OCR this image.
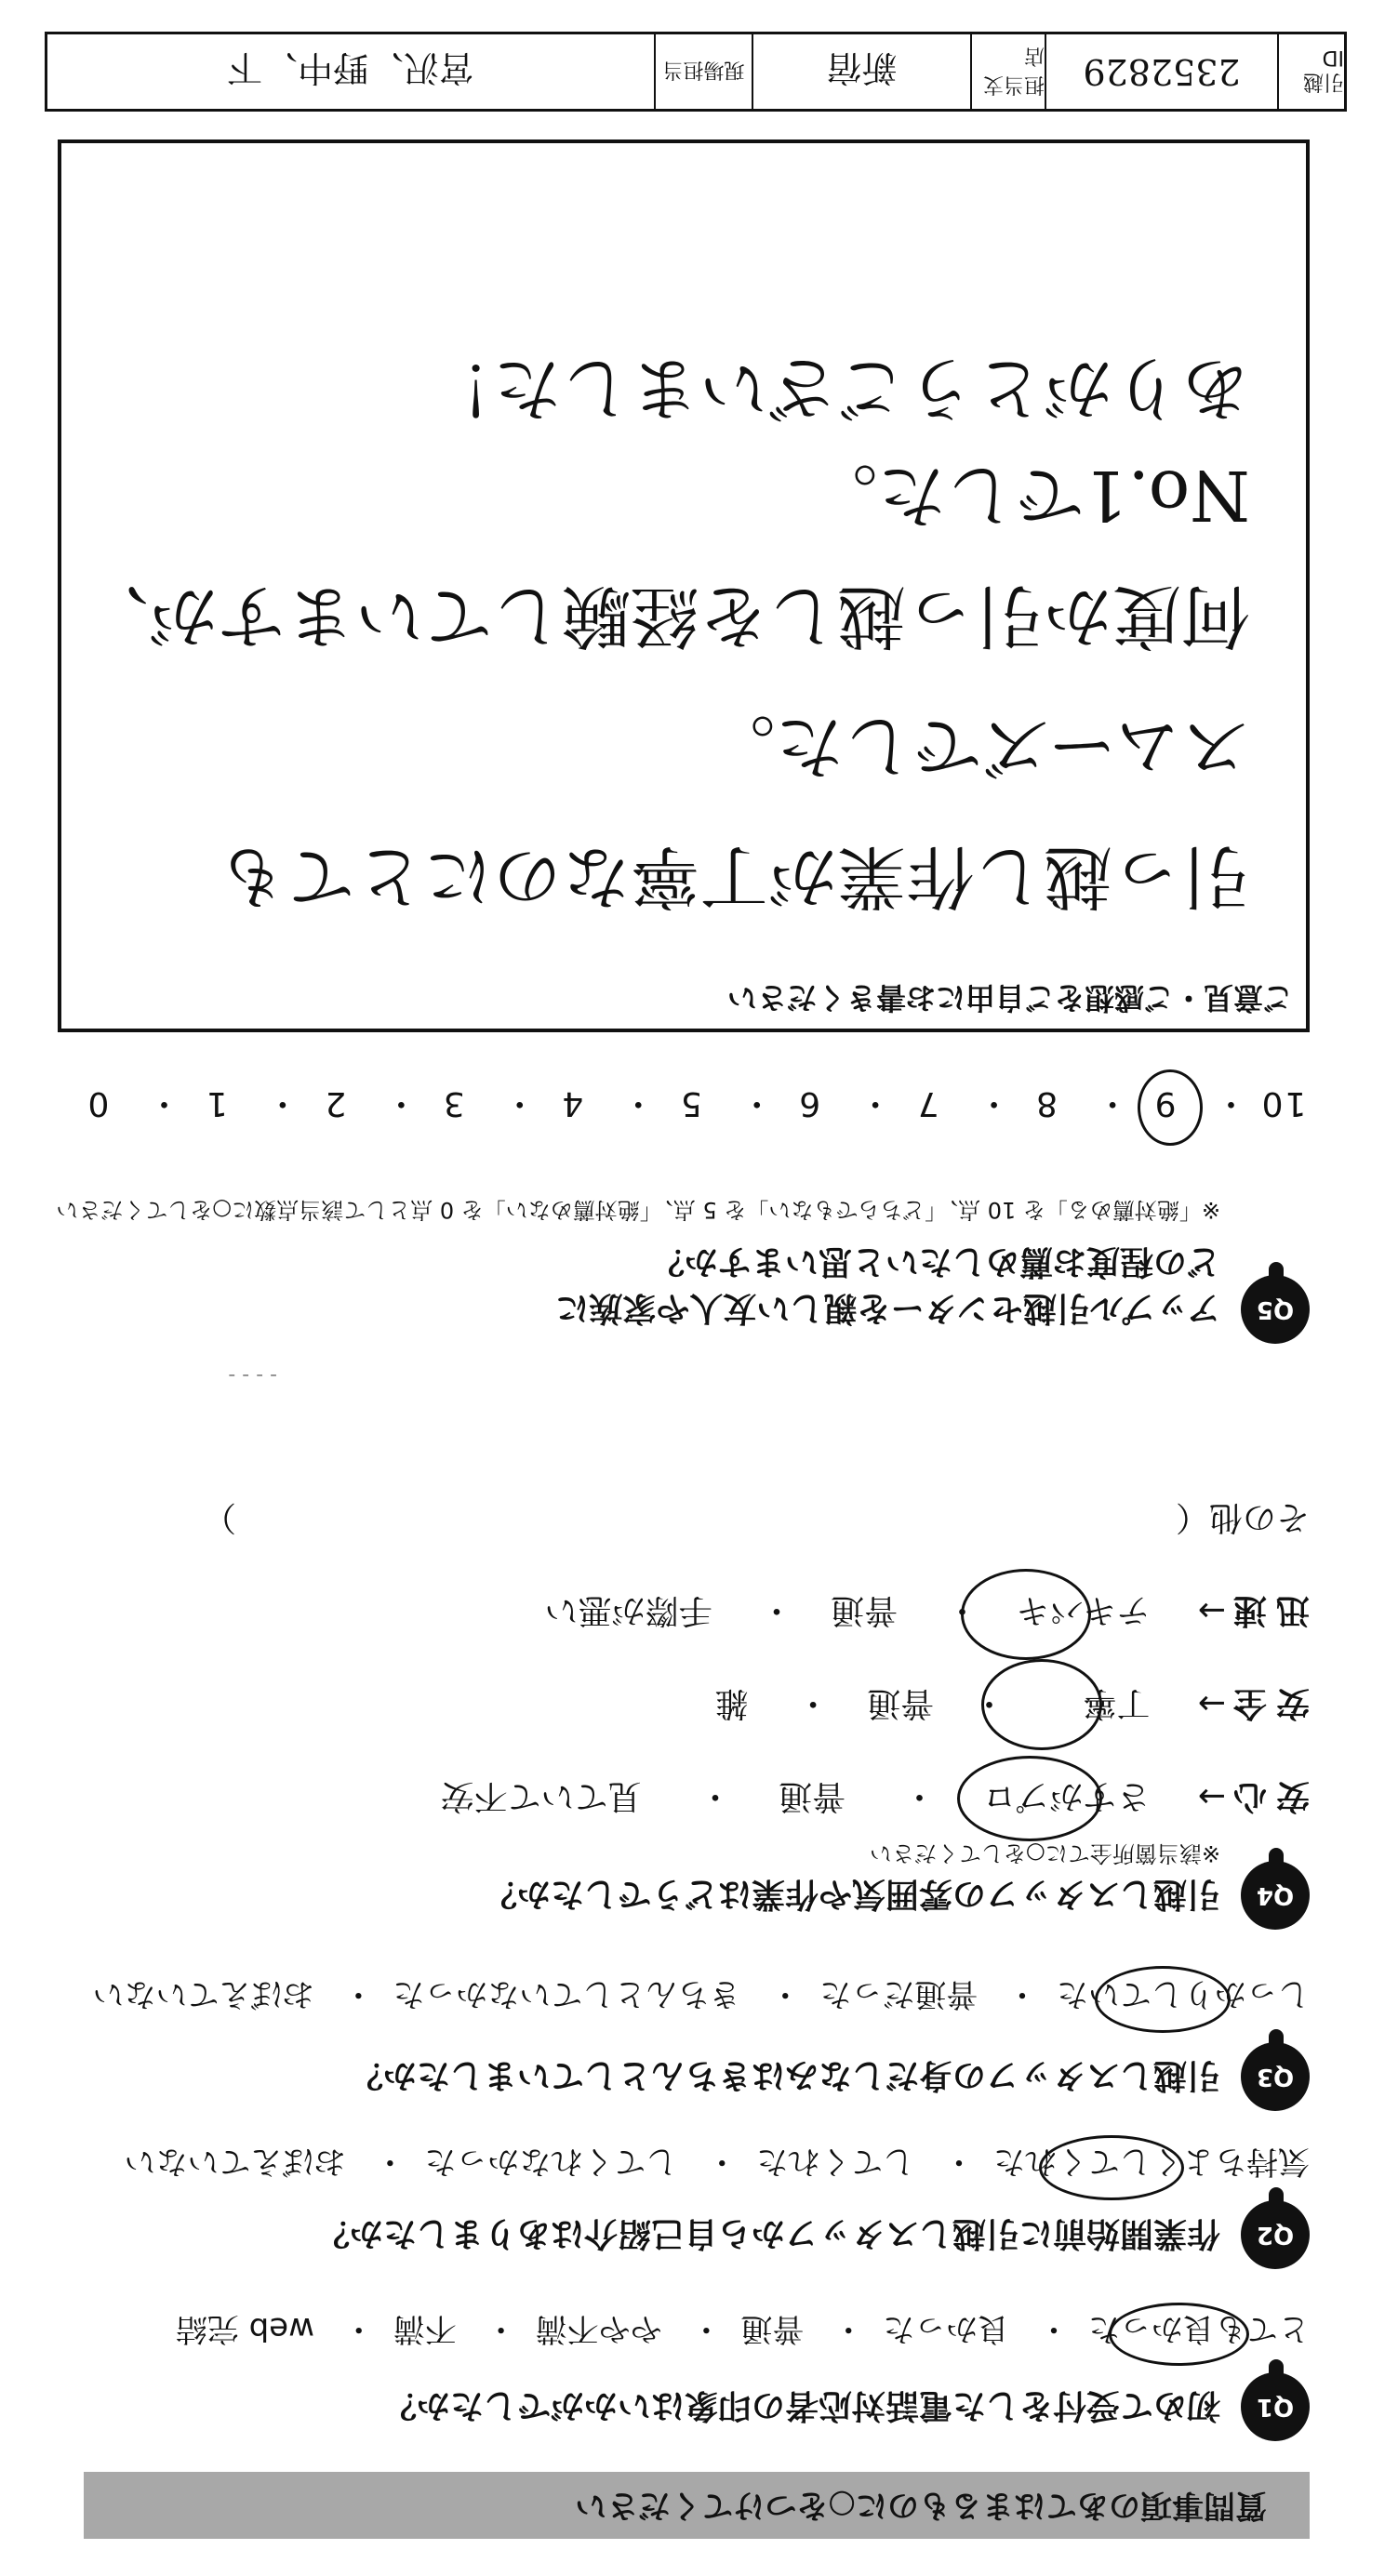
質問事項のあてはまるものに○をつけてください
Q1
初めて受付をした電話対応者の印象はいかがでしたか？
とても良かった・ 良かった・ 普通・ やや不満・ 不満・ web 完結
Q2
作業開始前に引越しスタッフから自己紹介はありましたか？
気持ちよくしてくれた・ してくれた・ してくれなかった・ おぼえていない
Q3
引越しスタッフの身だしなみはきちんとしていましたか？
しっかりしていた・ 普通だった・ きちんとしていなかった・ おぼえていない
Q4
引越しスタッフの雰囲気や作業はどうでしたか？
※該当箇所全てに○をしてください
安心→ さすがプロ・ 普通・ 見ていて不安
安全→ 丁寧・ 普通・ 雑
迅速→ テキパキ・ 普通・ 手際が悪い
その他（）
- - - -
Q5
アップル引越センターを親しい友人や家族に
どの程度お薦めしたいと思いますか？
※「絶対薦める」を 10 点、「どちらでもない」を 5 点、「絶対薦めない」を 0 点として該当点数に○をしてください
10・ 9・ 8・ 7・ 6・ 5・ 4・ 3・ 2・ 1・ 0
ご意見・ご感想をご自由にお書きください
引っ越し作業が丁寧なのにとても
スムーズでした。
何度か引っ越しを経験していますが、
No.1でした。
ありがとうございました！
引越 ID
2352829
担当支店
新宿
現場担当
宮沢、野中、下
